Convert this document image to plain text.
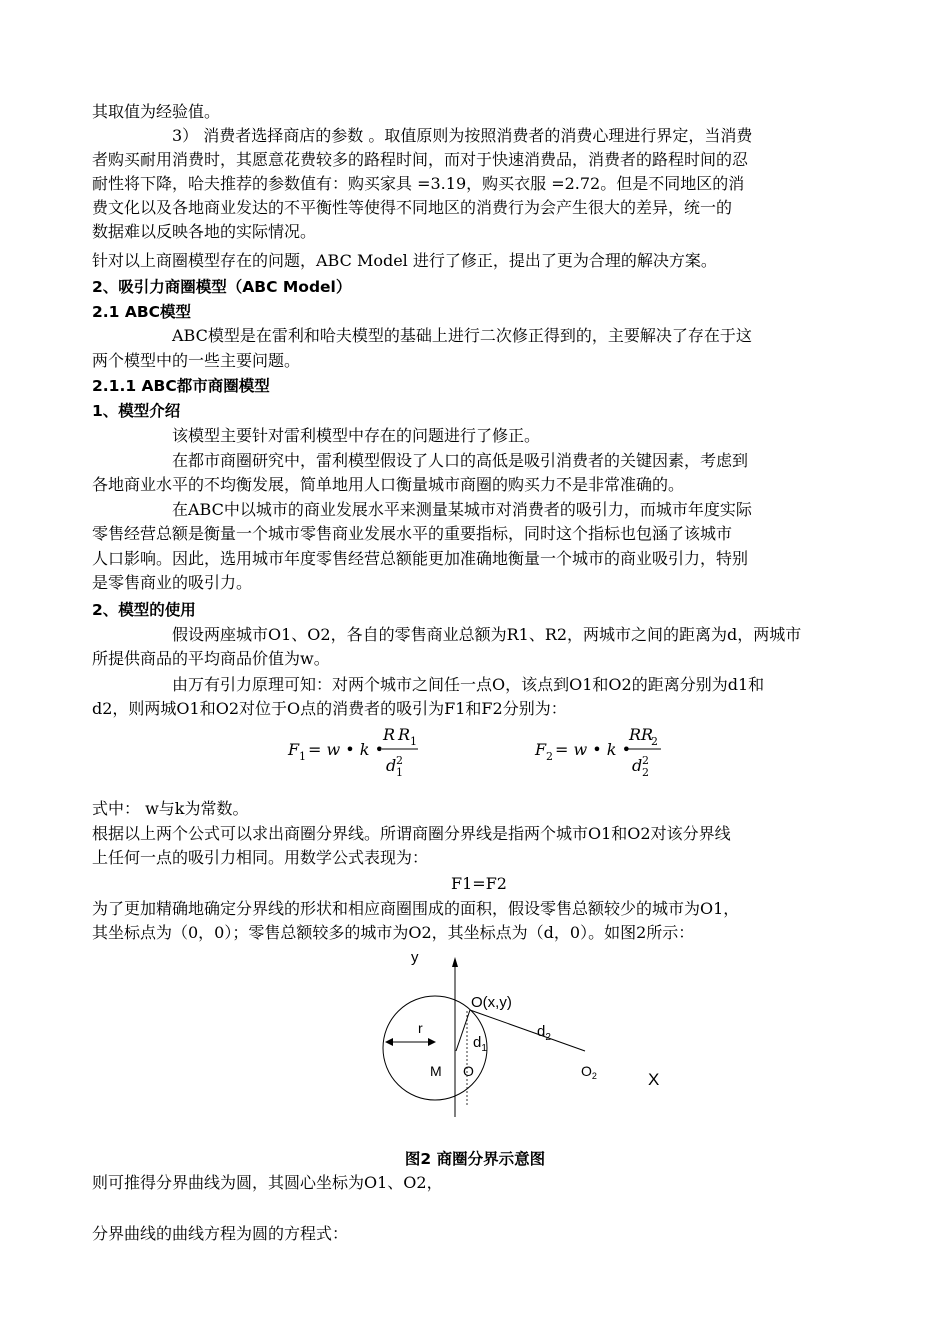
其取值为经验值。
3） 消费者选择商店的参数 。取值原则为按照消费者的消费心理进行界定，当消费
者购买耐用消费时，其愿意花费较多的路程时间，而对于快速消费品，消费者的路程时间的忍
耐性将下降，哈夫推荐的参数值有：购买家具 =3.19，购买衣服 =2.72。但是不同地区的消
费文化以及各地商业发达的不平衡性等使得不同地区的消费行为会产生很大的差异，统一的
数据难以反映各地的实际情况。
针对以上商圈模型存在的问题，ABC Model 进行了修正，提出了更为合理的解决方案。
2、吸引力商圈模型（ABC Model）
2.1 ABC模型
ABC模型是在雷利和哈夫模型的基础上进行二次修正得到的，主要解决了存在于这
两个模型中的一些主要问题。
2.1.1 ABC都市商圈模型
1、模型介绍
该模型主要针对雷利模型中存在的问题进行了修正。
在都市商圈研究中，雷利模型假设了人口的高低是吸引消费者的关键因素，考虑到
各地商业水平的不均衡发展，简单地用人口衡量城市商圈的购买力不是非常准确的。
在ABC中以城市的商业发展水平来测量某城市对消费者的吸引力，而城市年度实际
零售经营总额是衡量一个城市零售商业发展水平的重要指标，同时这个指标也包涵了该城市
人口影响。因此，选用城市年度零售经营总额能更加准确地衡量一个城市的商业吸引力，特别
是零售商业的吸引力。
2、模型的使用
假设两座城市O1、O2，各自的零售商业总额为R1、R2，两城市之间的距离为d，两城市
所提供商品的平均商品价值为w。
由万有引力原理可知：对两个城市之间任一点O，该点到O1和O2的距离分别为d1和
d2，则两城O1和O2对位于O点的消费者的吸引为F1和F2分别为：
F 1 = w • k •
R R 1
d 2
1
F 2 = w • k •
RR
2
d 2
2
式中： w与k为常数。
根据以上两个公式可以求出商圈分界线。所谓商圈分界线是指两个城市O1和O2对该分界线
上任何一点的吸引力相同。用数学公式表现为：
F1=F2
为了更加精确地确定分界线的形状和相应商圈围成的面积，假设零售总额较少的城市为O1，
其坐标点为（0，0）；零售总额较多的城市为O2，其坐标点为（d，0）。如图2所示：
y
X
O(x,y)
$d_2$
$d_1$
r
M O	$O_2$
图2 商圈分界示意图
则可推得分界曲线为圆，其圆心坐标为O1、O2，
分界曲线的曲线方程为圆的方程式：
